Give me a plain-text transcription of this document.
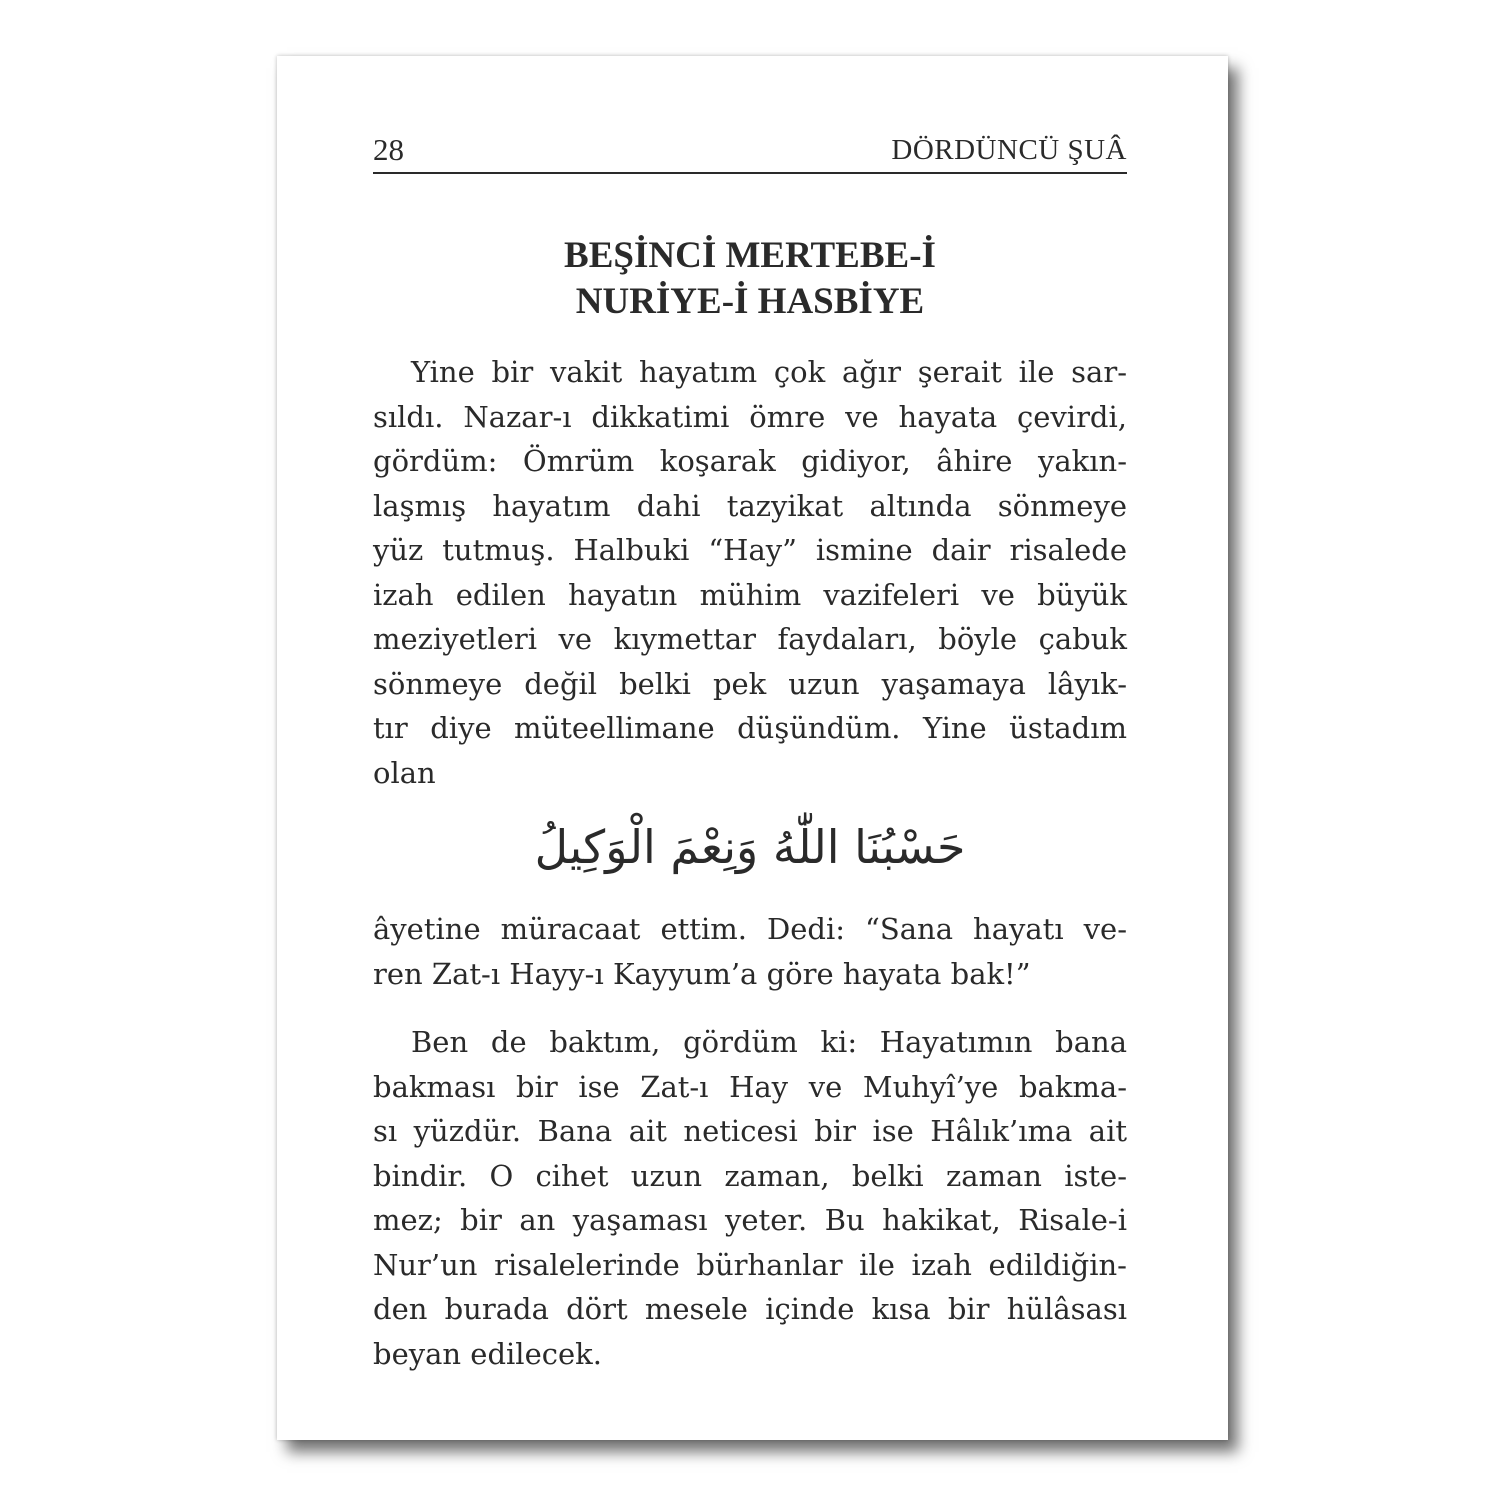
28	DÖRDÜNCÜ ŞUÂ
BEŞİNCİ MERTEBE-İ
NURİYE-İ HASBİYE
Yine bir vakit hayatım çok ağır şerait ile sar-
sıldı. Nazar-ı dikkatimi ömre ve hayata çevirdi,
gördüm: Ömrüm koşarak gidiyor, âhire yakın-
laşmış hayatım dahi tazyikat altında sönmeye
yüz tutmuş. Halbuki “Hay” ismine dair risalede
izah edilen hayatın mühim vazifeleri ve büyük
meziyetleri ve kıymettar faydaları, böyle çabuk
sönmeye değil belki pek uzun yaşamaya lâyık-
tır diye müteellimane düşündüm. Yine üstadım
olan
حَسْبُنَا اللّٰهُ وَنِعْمَ الْوَكِيلُ
âyetine müracaat ettim. Dedi: “Sana hayatı ve-
ren Zat-ı Hayy-ı Kayyum’a göre hayata bak!”
Ben de baktım, gördüm ki: Hayatımın bana
bakması bir ise Zat-ı Hay ve Muhyî’ye bakma-
sı yüzdür. Bana ait neticesi bir ise Hâlık’ıma ait
bindir. O cihet uzun zaman, belki zaman iste-
mez; bir an yaşaması yeter. Bu hakikat, Risale-i
Nur’un risalelerinde bürhanlar ile izah edildiğin-
den burada dört mesele içinde kısa bir hülâsası
beyan edilecek.
